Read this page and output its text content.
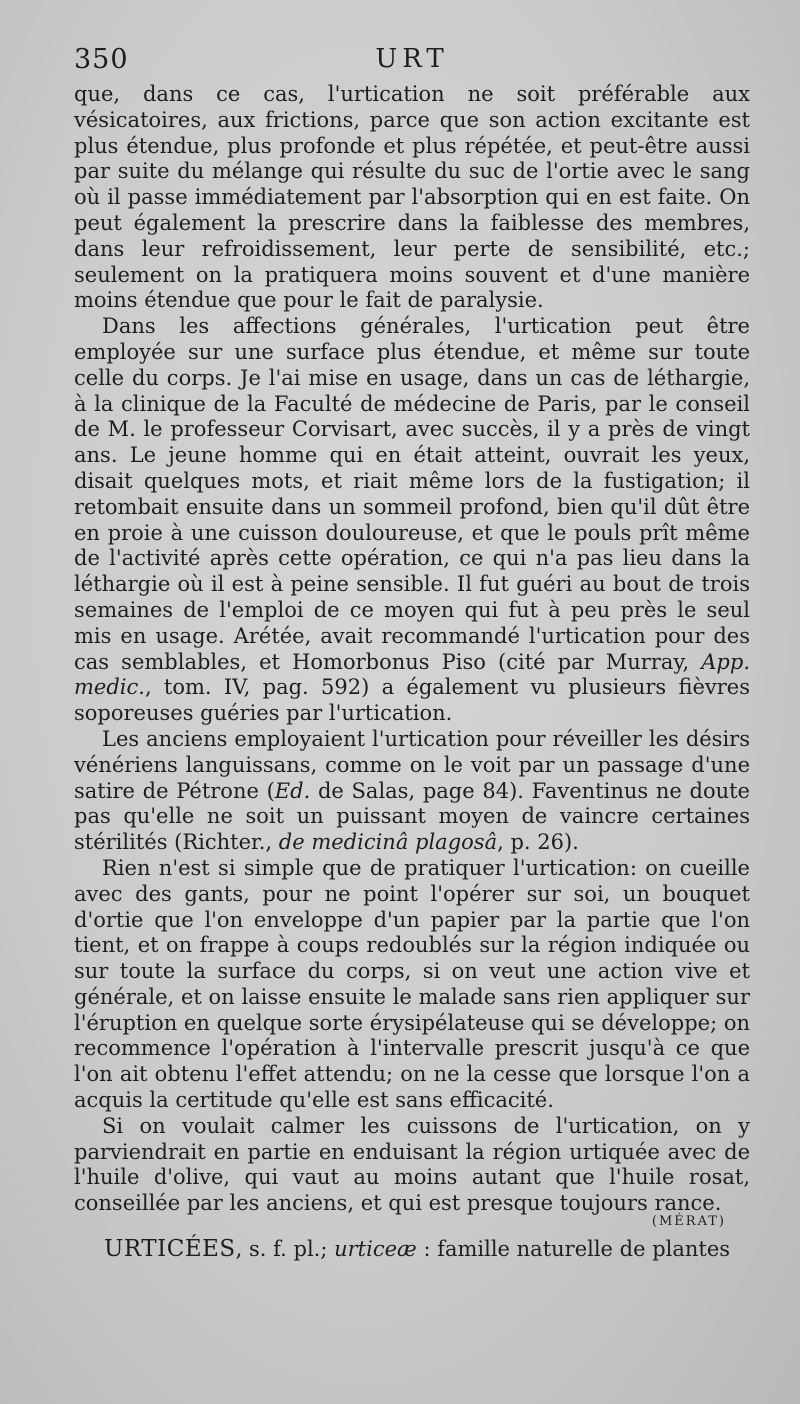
350	URT

que, dans ce cas, l'urtication ne soit préférable aux vésicatoires, aux frictions, parce que son action excitante est plus étendue, plus profonde et plus répétée, et peut-être aussi par suite du mélange qui résulte du suc de l'ortie avec le sang où il passe immédiatement par l'absorption qui en est faite. On peut également la prescrire dans la faiblesse des membres, dans leur refroidissement, leur perte de sensibilité, etc.; seulement on la pratiquera moins souvent et d'une manière moins étendue que pour le fait de paralysie.

Dans les affections générales, l'urtication peut être employée sur une surface plus étendue, et même sur toute celle du corps. Je l'ai mise en usage, dans un cas de léthargie, à la clinique de la Faculté de médecine de Paris, par le conseil de M. le professeur Corvisart, avec succès, il y a près de vingt ans. Le jeune homme qui en était atteint, ouvrait les yeux, disait quelques mots, et riait même lors de la fustigation; il retombait ensuite dans un sommeil profond, bien qu'il dût être en proie à une cuisson douloureuse, et que le pouls prît même de l'activité après cette opération, ce qui n'a pas lieu dans la léthargie où il est à peine sensible. Il fut guéri au bout de trois semaines de l'emploi de ce moyen qui fut à peu près le seul mis en usage. Arétée, avait recommandé l'urtication pour des cas semblables, et Homorbonus Piso (cité par Murray, App. medic., tom. IV, pag. 592) a également vu plusieurs fièvres soporeuses guéries par l'urtication.

Les anciens employaient l'urtication pour réveiller les désirs vénériens languissans, comme on le voit par un passage d'une satire de Pétrone (Ed. de Salas, page 84). Faventinus ne doute pas qu'elle ne soit un puissant moyen de vaincre certaines stérilités (Richter., de medicinâ plagosâ, p. 26).

Rien n'est si simple que de pratiquer l'urtication: on cueille avec des gants, pour ne point l'opérer sur soi, un bouquet d'ortie que l'on enveloppe d'un papier par la partie que l'on tient, et on frappe à coups redoublés sur la région indiquée ou sur toute la surface du corps, si on veut une action vive et générale, et on laisse ensuite le malade sans rien appliquer sur l'éruption en quelque sorte érysipélateuse qui se développe; on recommence l'opération à l'intervalle prescrit jusqu'à ce que l'on ait obtenu l'effet attendu; on ne la cesse que lorsque l'on a acquis la certitude qu'elle est sans efficacité.

Si on voulait calmer les cuissons de l'urtication, on y parviendrait en partie en enduisant la région urtiquée avec de l'huile d'olive, qui vaut au moins autant que l'huile rosat, conseillée par les anciens, et qui est presque toujours rance.

(MÉRAT)
URTICÉES, s. f. pl.; urticeæ : famille naturelle de plantes
